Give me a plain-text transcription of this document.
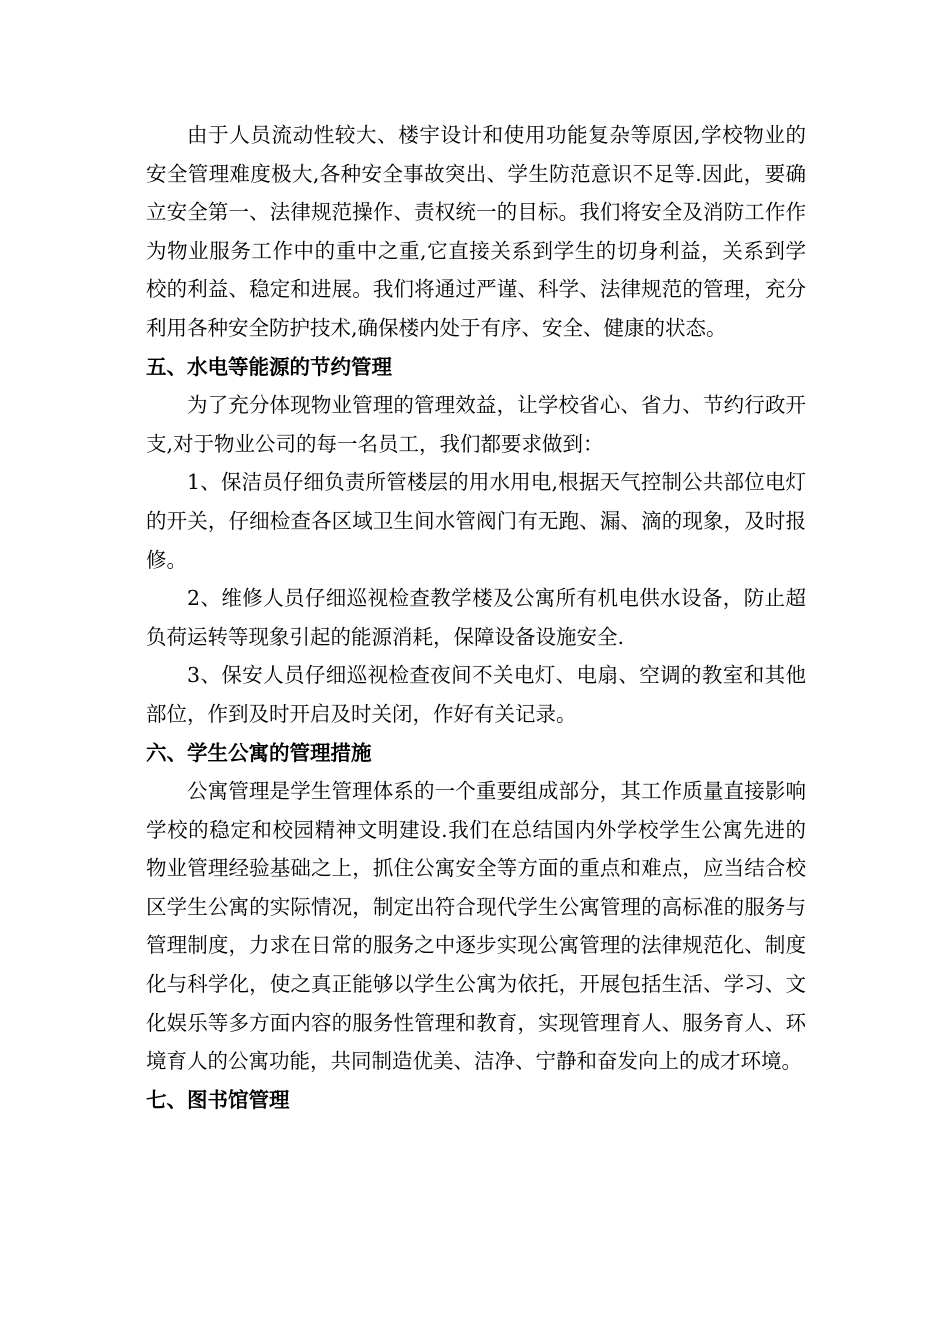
由于人员流动性较大、楼宇设计和使用功能复杂等原因,学校物业的安全管理难度极大,各种安全事故突出、学生防范意识不足等.因此，要确立安全第一、法律规范操作、责权统一的目标。我们将安全及消防工作作为物业服务工作中的重中之重,它直接关系到学生的切身利益，关系到学校的利益、稳定和进展。我们将通过严谨、科学、法律规范的管理，充分利用各种安全防护技术,确保楼内处于有序、安全、健康的状态。

五、水电等能源的节约管理

为了充分体现物业管理的管理效益，让学校省心、省力、节约行政开支,对于物业公司的每一名员工，我们都要求做到：

1、保洁员仔细负责所管楼层的用水用电,根据天气控制公共部位电灯的开关，仔细检查各区域卫生间水管阀门有无跑、漏、滴的现象，及时报修。

2、维修人员仔细巡视检查教学楼及公寓所有机电供水设备，防止超负荷运转等现象引起的能源消耗，保障设备设施安全.

3、保安人员仔细巡视检查夜间不关电灯、电扇、空调的教室和其他部位，作到及时开启及时关闭，作好有关记录。

六、学生公寓的管理措施

公寓管理是学生管理体系的一个重要组成部分，其工作质量直接影响学校的稳定和校园精神文明建设.我们在总结国内外学校学生公寓先进的物业管理经验基础之上，抓住公寓安全等方面的重点和难点，应当结合校区学生公寓的实际情况，制定出符合现代学生公寓管理的高标准的服务与管理制度，力求在日常的服务之中逐步实现公寓管理的法律规范化、制度化与科学化，使之真正能够以学生公寓为依托，开展包括生活、学习、文化娱乐等多方面内容的服务性管理和教育，实现管理育人、服务育人、环境育人的公寓功能，共同制造优美、洁净、宁静和奋发向上的成才环境。

七、图书馆管理
